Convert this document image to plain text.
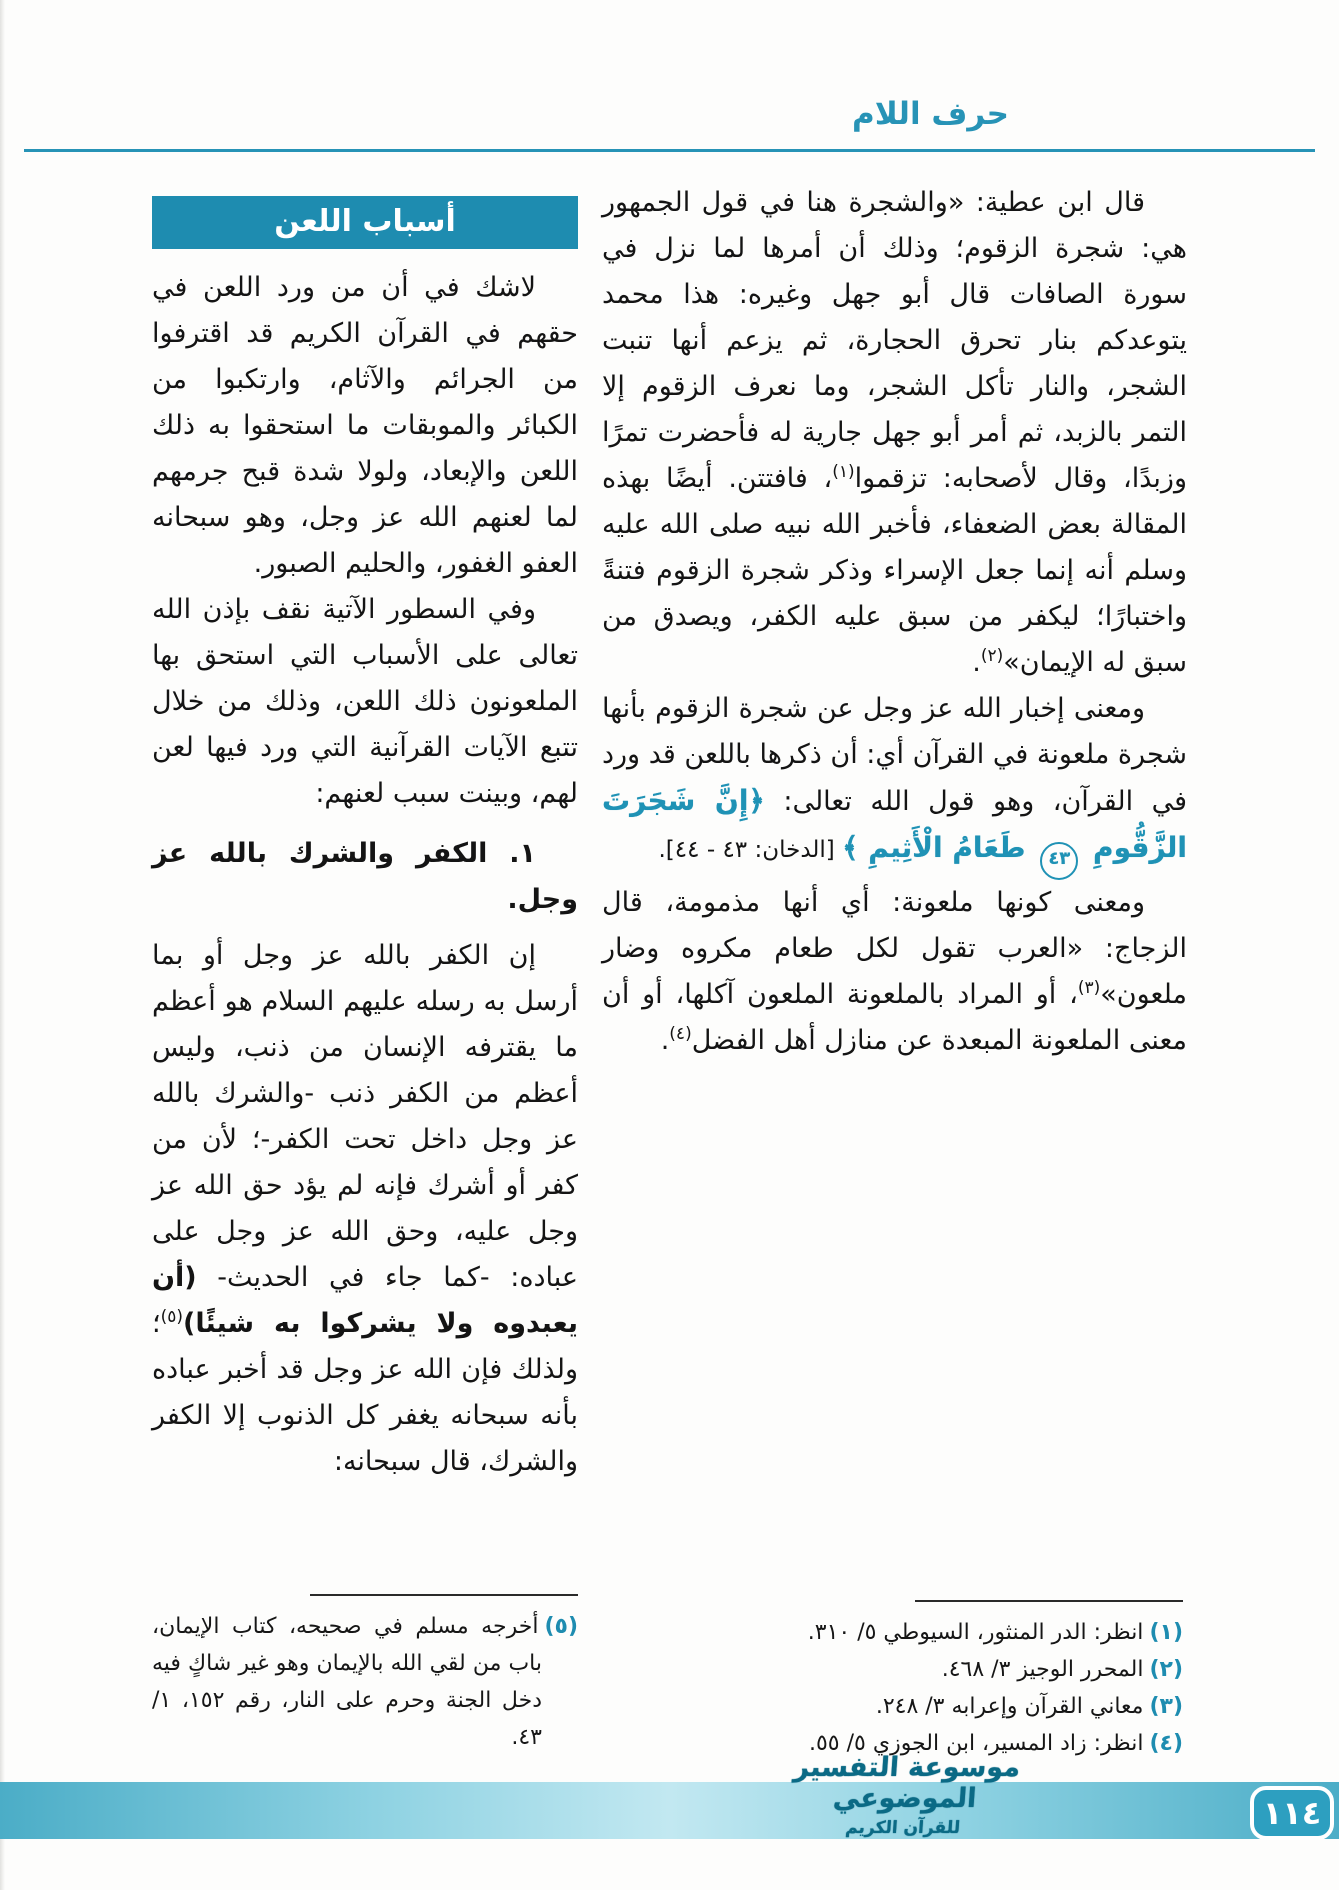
حرف اللام

قال ابن عطية: «والشجرة هنا في قول الجمهور هي: شجرة الزقوم؛ وذلك أن أمرها لما نزل في سورة الصافات قال أبو جهل وغيره: هذا محمد يتوعدكم بنار تحرق الحجارة، ثم يزعم أنها تنبت الشجر، والنار تأكل الشجر، وما نعرف الزقوم إلا التمر بالزبد، ثم أمر أبو جهل جارية له فأحضرت تمرًا وزبدًا، وقال لأصحابه: تزقموا$^{(١)}$، فافتتن. أيضًا بهذه المقالة بعض الضعفاء، فأخبر الله نبيه صلى الله عليه وسلم أنه إنما جعل الإسراء وذكر شجرة الزقوم فتنةً واختبارًا؛ ليكفر من سبق عليه الكفر، ويصدق من سبق له الإيمان»$^{(٢)}$.

ومعنى إخبار الله عز وجل عن شجرة الزقوم بأنها شجرة ملعونة في القرآن أي: أن ذكرها باللعن قد ورد في القرآن، وهو قول الله تعالى: ﴿إِنَّ شَجَرَتَ الزَّقُّومِ ٤٣ طَعَامُ الْأَثِيمِ ﴾ [الدخان: ٤٣ - ٤٤].

ومعنى كونها ملعونة: أي أنها مذمومة، قال الزجاج: «العرب تقول لكل طعام مكروه وضار ملعون»$^{(٣)}$، أو المراد بالملعونة الملعون آكلها، أو أن معنى الملعونة المبعدة عن منازل أهل الفضل$^{(٤)}$.

أسباب اللعن

لاشك في أن من ورد اللعن في حقهم في القرآن الكريم قد اقترفوا من الجرائم والآثام، وارتكبوا من الكبائر والموبقات ما استحقوا به ذلك اللعن والإبعاد، ولولا شدة قبح جرمهم لما لعنهم الله عز وجل، وهو سبحانه العفو الغفور، والحليم الصبور.

وفي السطور الآتية نقف بإذن الله تعالى على الأسباب التي استحق بها الملعونون ذلك اللعن، وذلك من خلال تتبع الآيات القرآنية التي ورد فيها لعن لهم، وبينت سبب لعنهم:

١. الكفر والشرك بالله عز وجل.

إن الكفر بالله عز وجل أو بما أرسل به رسله عليهم السلام هو أعظم ما يقترفه الإنسان من ذنب، وليس أعظم من الكفر ذنب -والشرك بالله عز وجل داخل تحت الكفر-؛ لأن من كفر أو أشرك فإنه لم يؤد حق الله عز وجل عليه، وحق الله عز وجل على عباده: -كما جاء في الحديث- (أن يعبدوه ولا يشركوا به شيئًا)$^{(٥)}$؛ ولذلك فإن الله عز وجل قد أخبر عباده بأنه سبحانه يغفر كل الذنوب إلا الكفر والشرك، قال سبحانه:

(٥)أخرجه مسلم في صحيحه، كتاب الإيمان، باب من لقي الله بالإيمان وهو غير شاكٍ فيه دخل الجنة وحرم على النار، رقم ١٥٢، ١/ ٤٣.

(١)انظر: الدر المنثور، السيوطي ٥/ ٣١٠.

(٢)المحرر الوجيز ٣/ ٤٦٨.

(٣)معاني القرآن وإعرابه ٣/ ٢٤٨.

(٤)انظر: زاد المسير، ابن الجوزي ٥/ ٥٥.

موسوعة التفسير الموضوعي
للقرآن الكريم	١١٤
